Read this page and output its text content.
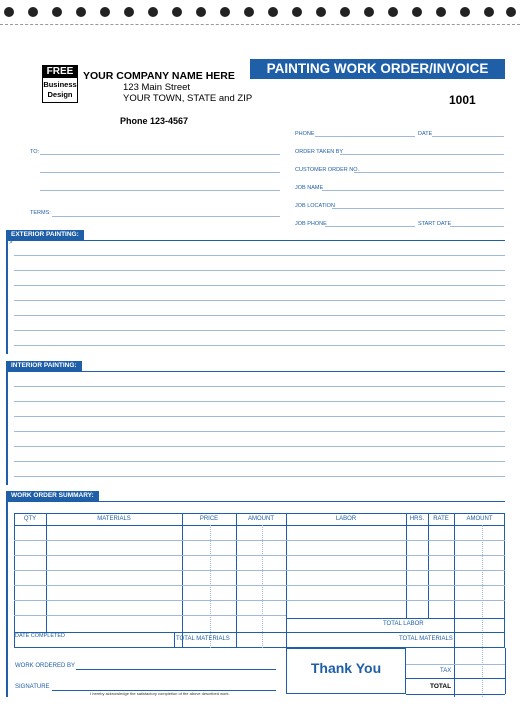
FREE
Business
Design
YOUR COMPANY NAME HERE
123 Main Street
YOUR TOWN, STATE and ZIP
Phone 123-4567
PAINTING WORK ORDER/INVOICE
1001
TO:
TERMS:
PHONE	DATE
ORDER TAKEN BY
CUSTOMER ORDER NO.
JOB NAME
JOB LOCATION
JOB PHONE	START DATE
EXTERIOR PAINTING:
>
INTERIOR PAINTING:
WORK ORDER SUMMARY:
QTY	MATERIALS	PRICE	AMOUNT	LABOR	HRS.	RATE	AMOUNT
TOTAL LABOR
TOTAL MATERIALS
DATE COMPLETED	TOTAL MATERIALS
WORK ORDERED BY
SIGNATURE
I hereby acknowledge the satisfactory completion of the above described work.
Thank You	TAX
TOTAL
